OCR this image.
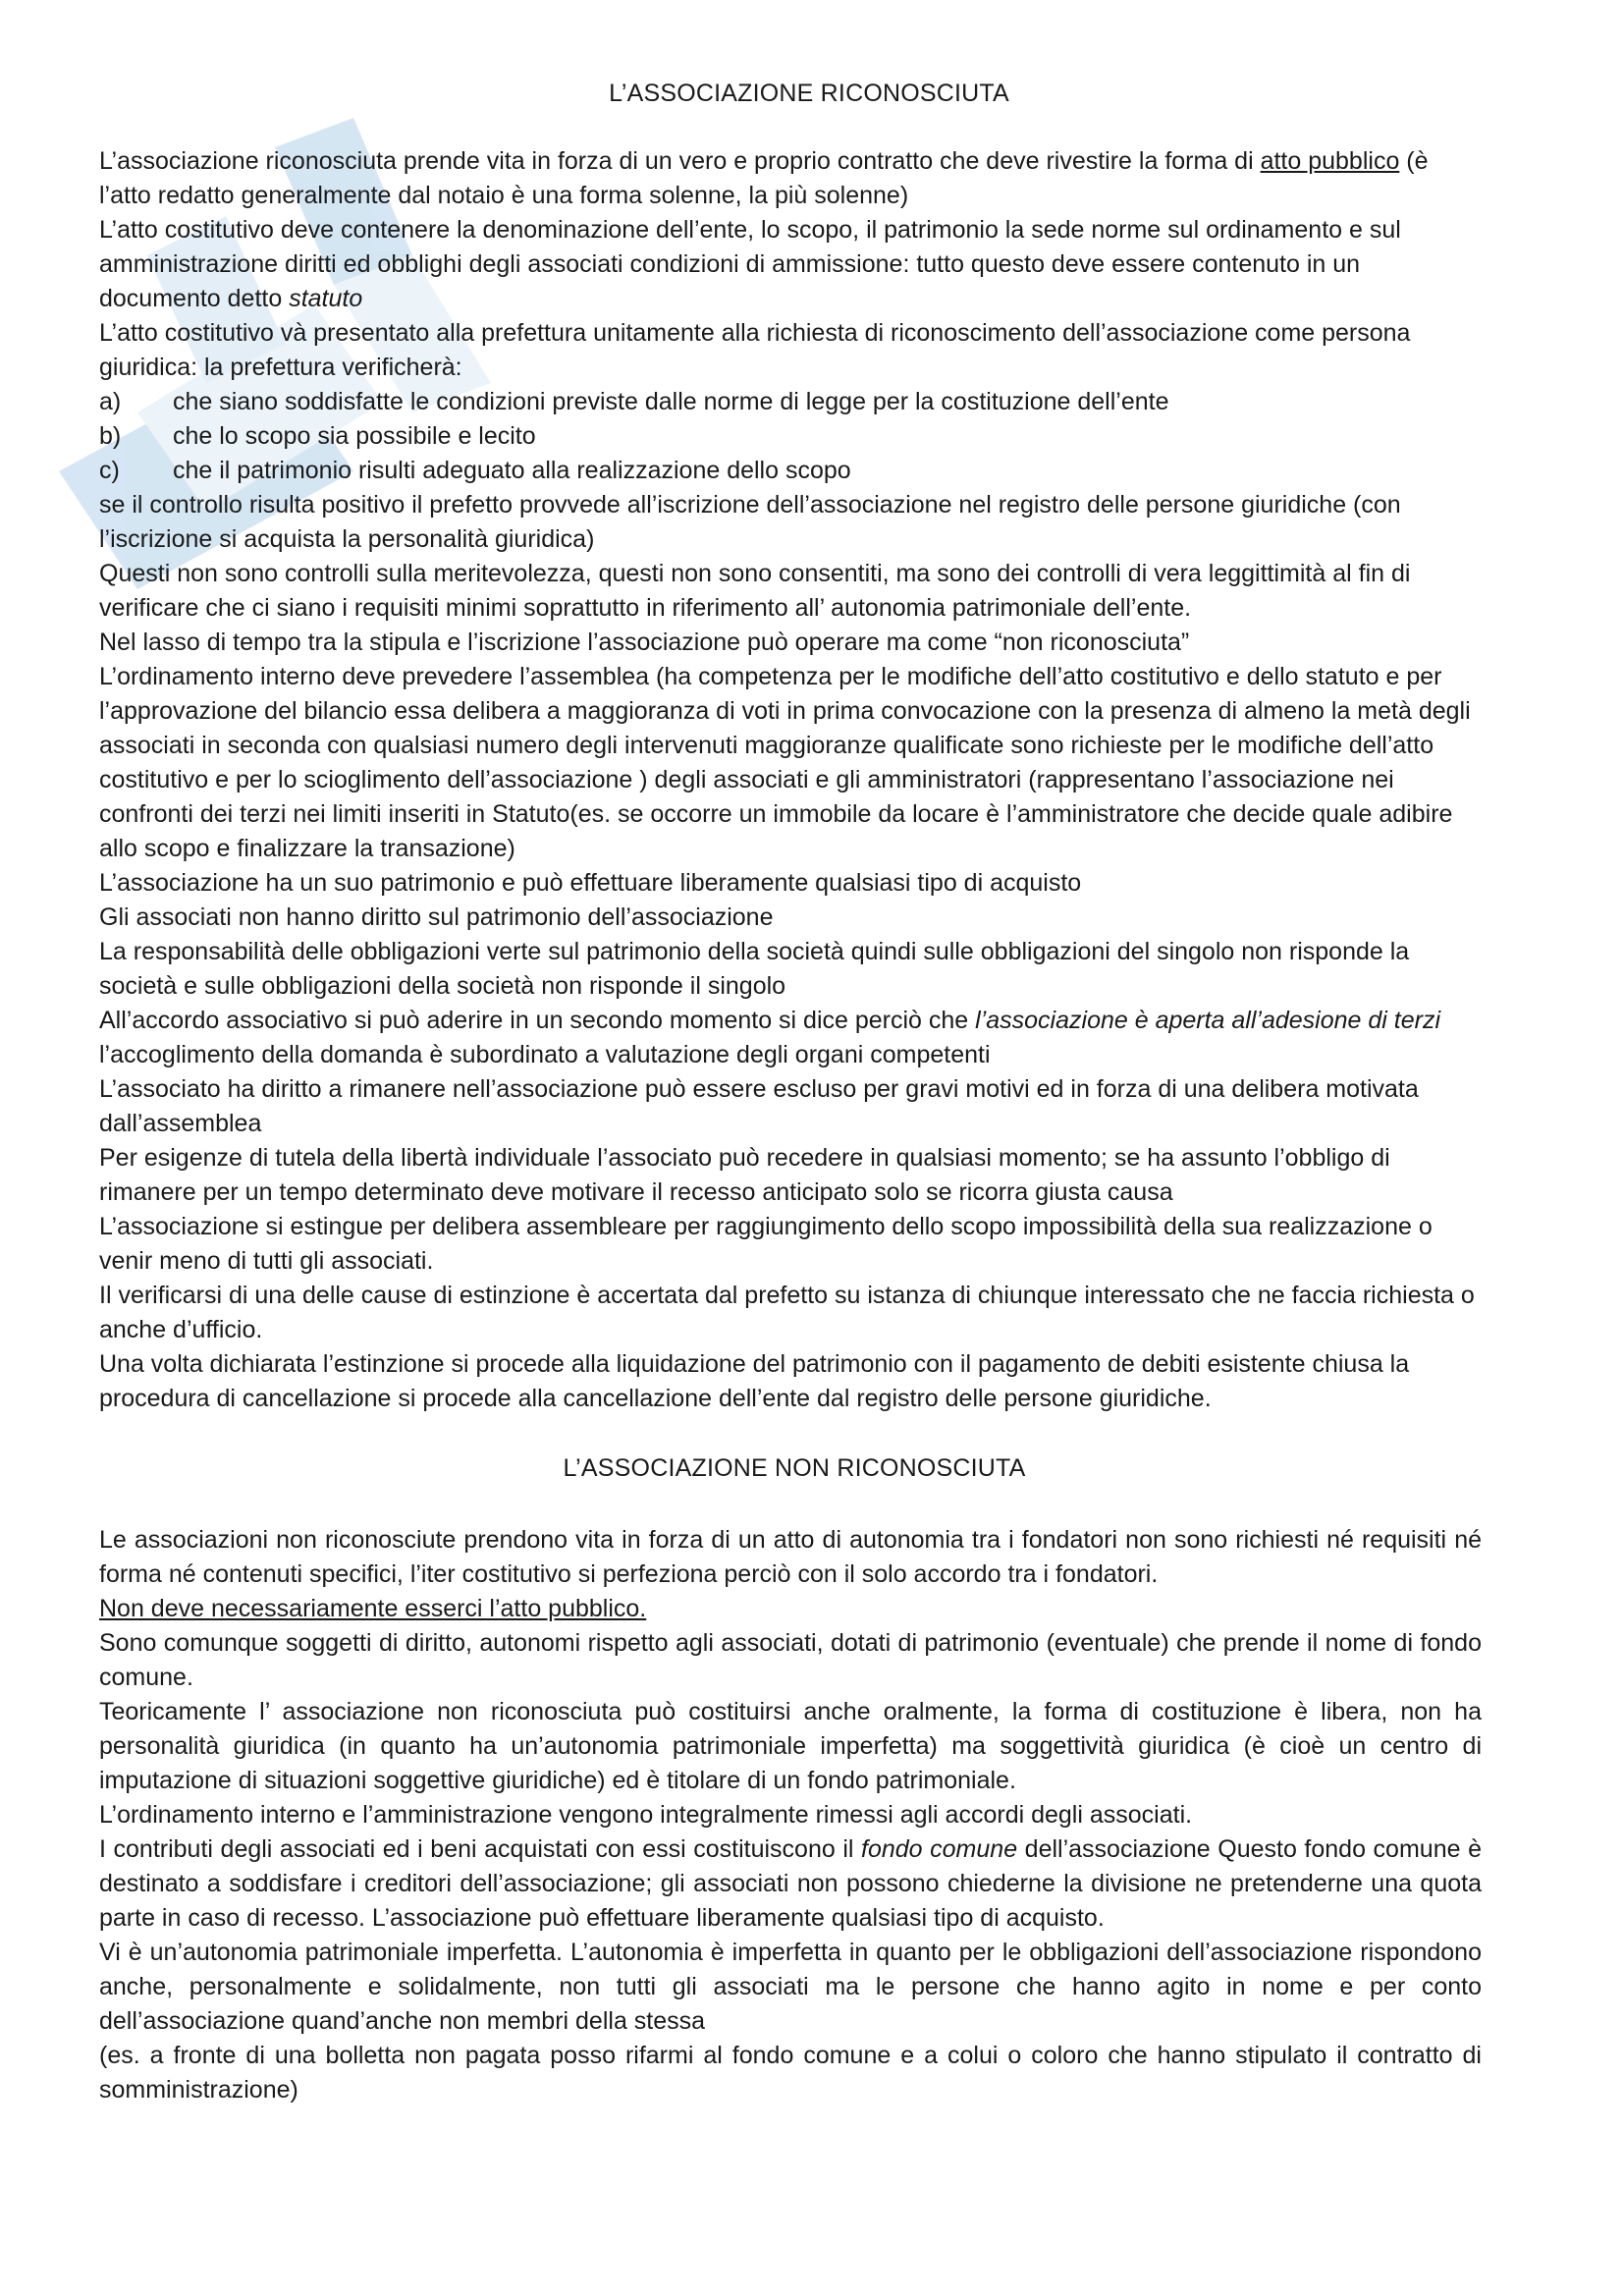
L’ASSOCIAZIONE RICONOSCIUTA

L’associazione riconosciuta prende vita in forza di un vero e proprio contratto che deve rivestire la forma di atto pubblico (è l’atto redatto generalmente dal notaio è una forma solenne, la più solenne)

L’atto costitutivo deve contenere la denominazione dell’ente, lo scopo, il patrimonio la sede norme sul ordinamento e sul amministrazione diritti ed obblighi degli associati condizioni di ammissione: tutto questo deve essere contenuto in un documento detto statuto

L’atto costitutivo và presentato alla prefettura unitamente alla richiesta di riconoscimento dell’associazione come persona giuridica: la prefettura verificherà:

a)	che siano soddisfatte le condizioni previste dalle norme di legge per la costituzione dell’ente
b)	che lo scopo sia possibile e lecito
c)	che il patrimonio risulti adeguato alla realizzazione dello scopo

se il controllo risulta positivo il prefetto provvede all’iscrizione dell’associazione nel registro delle persone giuridiche (con l’iscrizione si acquista la personalità giuridica)

Questi non sono controlli sulla meritevolezza, questi non sono consentiti, ma sono dei controlli di vera leggittimità al fin di verificare che ci siano i requisiti minimi soprattutto in riferimento all’ autonomia patrimoniale dell’ente.

Nel lasso di tempo tra la stipula e l’iscrizione l’associazione può operare ma come “non riconosciuta”

L’ordinamento interno deve prevedere l’assemblea (ha competenza per le modifiche dell’atto costitutivo e dello statuto e per l’approvazione del bilancio essa delibera a maggioranza di voti in prima convocazione con la presenza di almeno la metà degli associati in seconda con qualsiasi numero degli intervenuti maggioranze qualificate sono richieste per le modifiche dell’atto costitutivo e per lo scioglimento dell’associazione ) degli associati e gli amministratori (rappresentano l’associazione nei confronti dei terzi nei limiti inseriti in Statuto(es. se occorre un immobile da locare è l’amministratore che decide quale adibire allo scopo e finalizzare la transazione)

L’associazione ha un suo patrimonio e può effettuare liberamente qualsiasi tipo di acquisto

Gli associati non hanno diritto sul patrimonio dell’associazione

La responsabilità delle obbligazioni verte sul patrimonio della società quindi sulle obbligazioni del singolo non risponde la società e sulle obbligazioni della società non risponde il singolo

All’accordo associativo si può aderire in un secondo momento si dice perciò che l’associazione è aperta all’adesione di terzi

l’accoglimento della domanda è subordinato a valutazione degli organi competenti

L’associato ha diritto a rimanere nell’associazione può essere escluso per gravi motivi ed in forza di una delibera motivata dall’assemblea

Per esigenze di tutela della libertà individuale l’associato può recedere in qualsiasi momento; se ha assunto l’obbligo di rimanere per un tempo determinato deve motivare il recesso anticipato solo se ricorra giusta causa

L’associazione si estingue per delibera assembleare per raggiungimento dello scopo impossibilità della sua realizzazione o venir meno di tutti gli associati.

Il verificarsi di una delle cause di estinzione è accertata dal prefetto su istanza di chiunque interessato che ne faccia richiesta o anche d’ufficio.

Una volta dichiarata l’estinzione si procede alla liquidazione del patrimonio con il pagamento de debiti esistente chiusa la procedura di cancellazione si procede alla cancellazione dell’ente dal registro delle persone giuridiche.

L’ASSOCIAZIONE NON RICONOSCIUTA

Le associazioni non riconosciute prendono vita in forza di un atto di autonomia tra i fondatori non sono richiesti né requisiti né forma né contenuti specifici, l’iter costitutivo si perfeziona perciò con il solo accordo tra i fondatori.

Non deve necessariamente esserci l’atto pubblico.

Sono comunque soggetti di diritto, autonomi rispetto agli associati, dotati di patrimonio (eventuale) che prende il nome di fondo comune.

Teoricamente l’ associazione non riconosciuta può costituirsi anche oralmente, la forma di costituzione è libera, non ha personalità giuridica (in quanto ha un’autonomia patrimoniale imperfetta) ma soggettività giuridica (è cioè un centro di imputazione di situazioni soggettive giuridiche) ed è titolare di un fondo patrimoniale.

L’ordinamento interno e l’amministrazione vengono integralmente rimessi agli accordi degli associati.

I contributi degli associati ed i beni acquistati con essi costituiscono il fondo comune dell’associazione Questo fondo comune è destinato a soddisfare i creditori dell’associazione; gli associati non possono chiederne la divisione ne pretenderne una quota parte in caso di recesso. L’associazione può effettuare liberamente qualsiasi tipo di acquisto.

Vi è un’autonomia patrimoniale imperfetta. L’autonomia è imperfetta in quanto per le obbligazioni dell’associazione rispondono anche, personalmente e solidalmente, non tutti gli associati ma le persone che hanno agito in nome e per conto dell’associazione quand’anche non membri della stessa

(es. a fronte di una bolletta non pagata posso rifarmi al fondo comune e a colui o coloro che hanno stipulato il contratto di somministrazione)
